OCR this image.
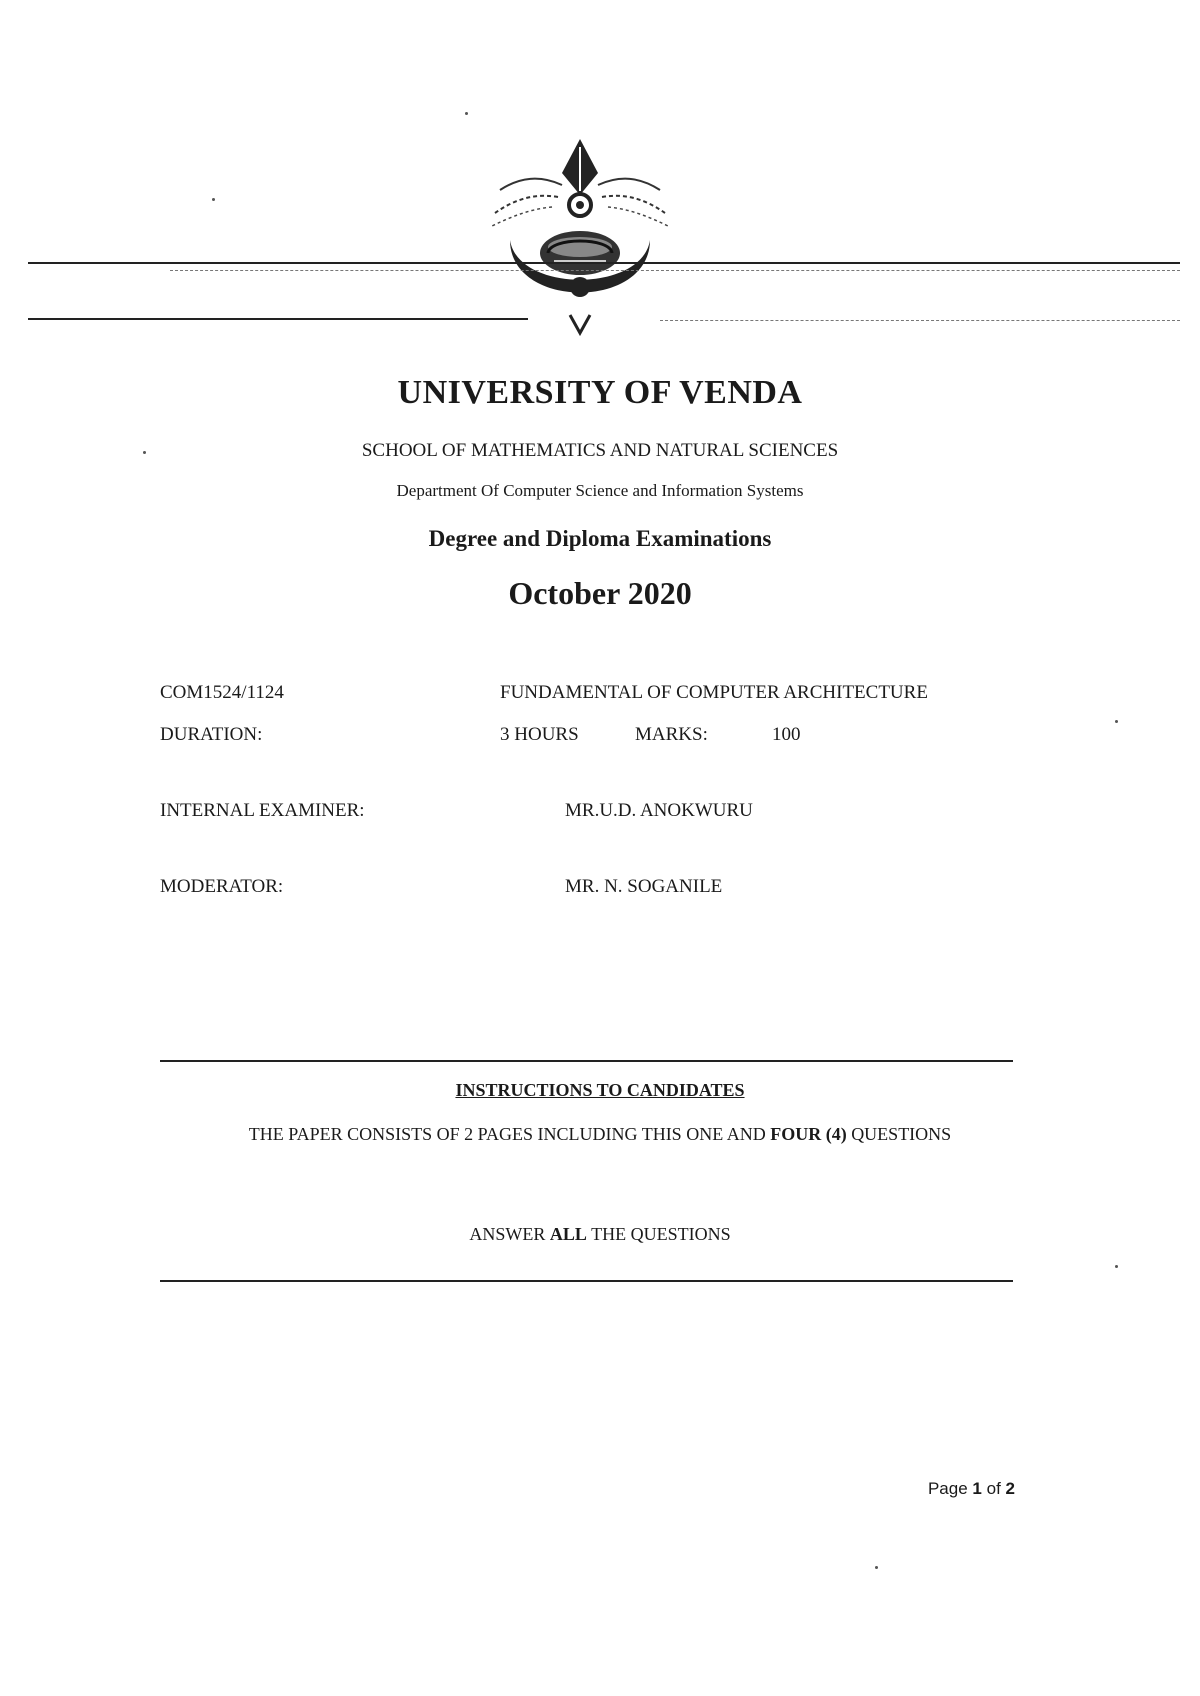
UNIVERSITY OF VENDA
SCHOOL OF MATHEMATICS AND NATURAL SCIENCES
Department Of Computer Science and Information Systems
Degree and Diploma Examinations
October 2020
COM1524/1124	FUNDAMENTAL OF COMPUTER ARCHITECTURE
DURATION:	3 HOURS	MARKS:	100
INTERNAL EXAMINER:	MR.U.D. ANOKWURU
MODERATOR:	MR. N. SOGANILE
INSTRUCTIONS TO CANDIDATES
THE PAPER CONSISTS OF 2 PAGES INCLUDING THIS ONE AND FOUR (4) QUESTIONS
ANSWER ALL THE QUESTIONS
Page 1 of 2
